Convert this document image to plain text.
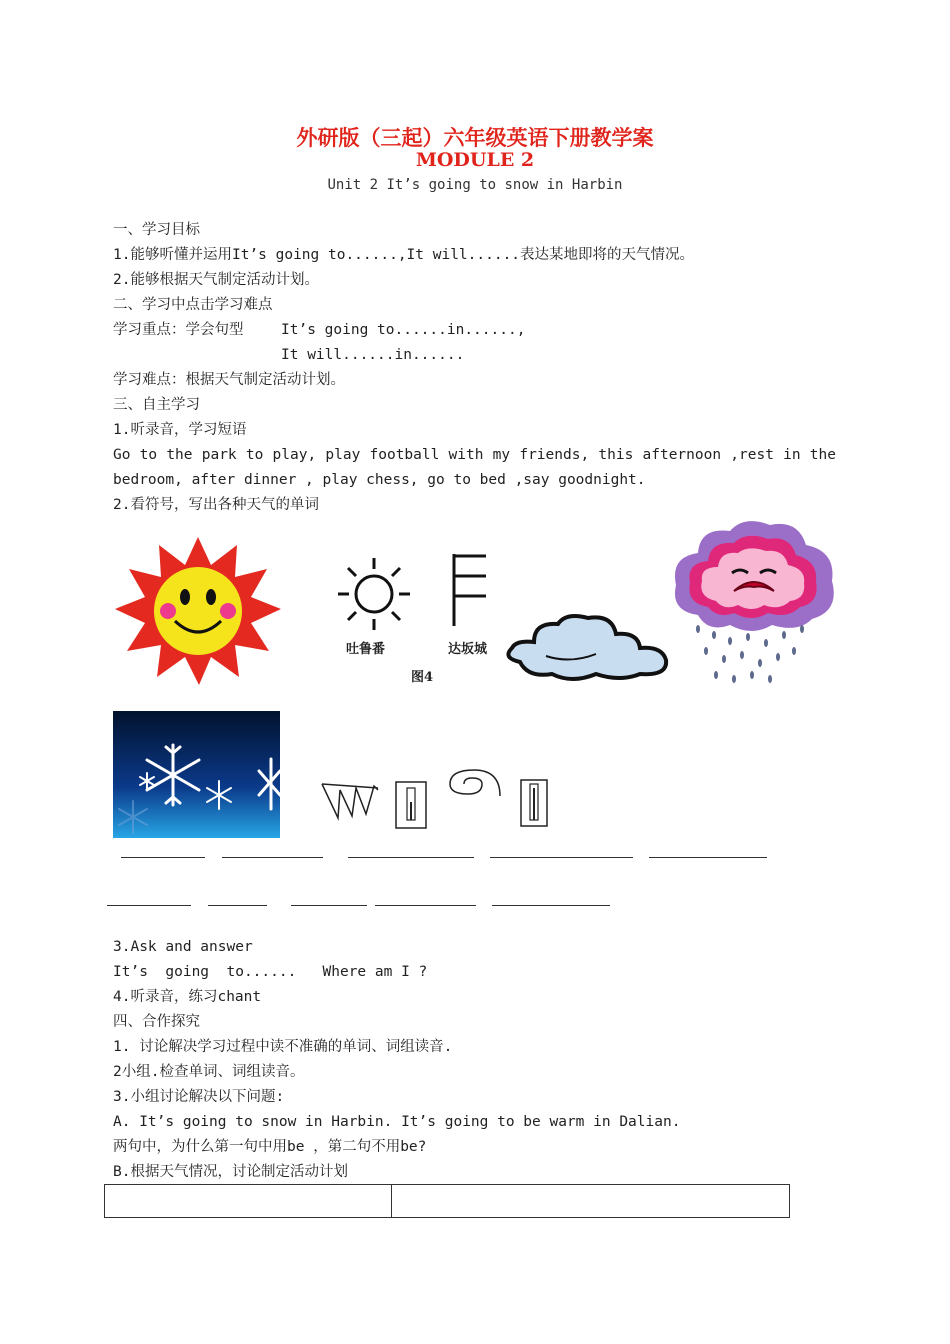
外研版（三起）六年级英语下册教学案
MODULE 2
Unit 2 It’s going to snow in Harbin
一、学习目标
1.能够听懂并运用It’s going to......,It will......表达某地即将的天气情况。
2.能够根据天气制定活动计划。
二、学习中点击学习难点
学习重点：学会句型	It’s going to......in......,
It will......in......
学习难点：根据天气制定活动计划。
三、自主学习
1.听录音，学习短语
Go to the park to play, play football with my friends, this afternoon ,rest in the
bedroom, after dinner , play chess, go to bed ,say goodnight.
2.看符号，写出各种天气的单词
吐鲁番	达坂城
图4
3.Ask and answer
It’s  going  to......   Where am I ?
4.听录音，练习chant
四、合作探究
1. 讨论解决学习过程中读不准确的单词、词组读音.
2小组.检查单词、词组读音。
3.小组讨论解决以下问题:
A. It’s going to snow in Harbin. It’s going to be warm in Dalian.
两句中，为什么第一句中用be ，第二句不用be?
B.根据天气情况，讨论制定活动计划
